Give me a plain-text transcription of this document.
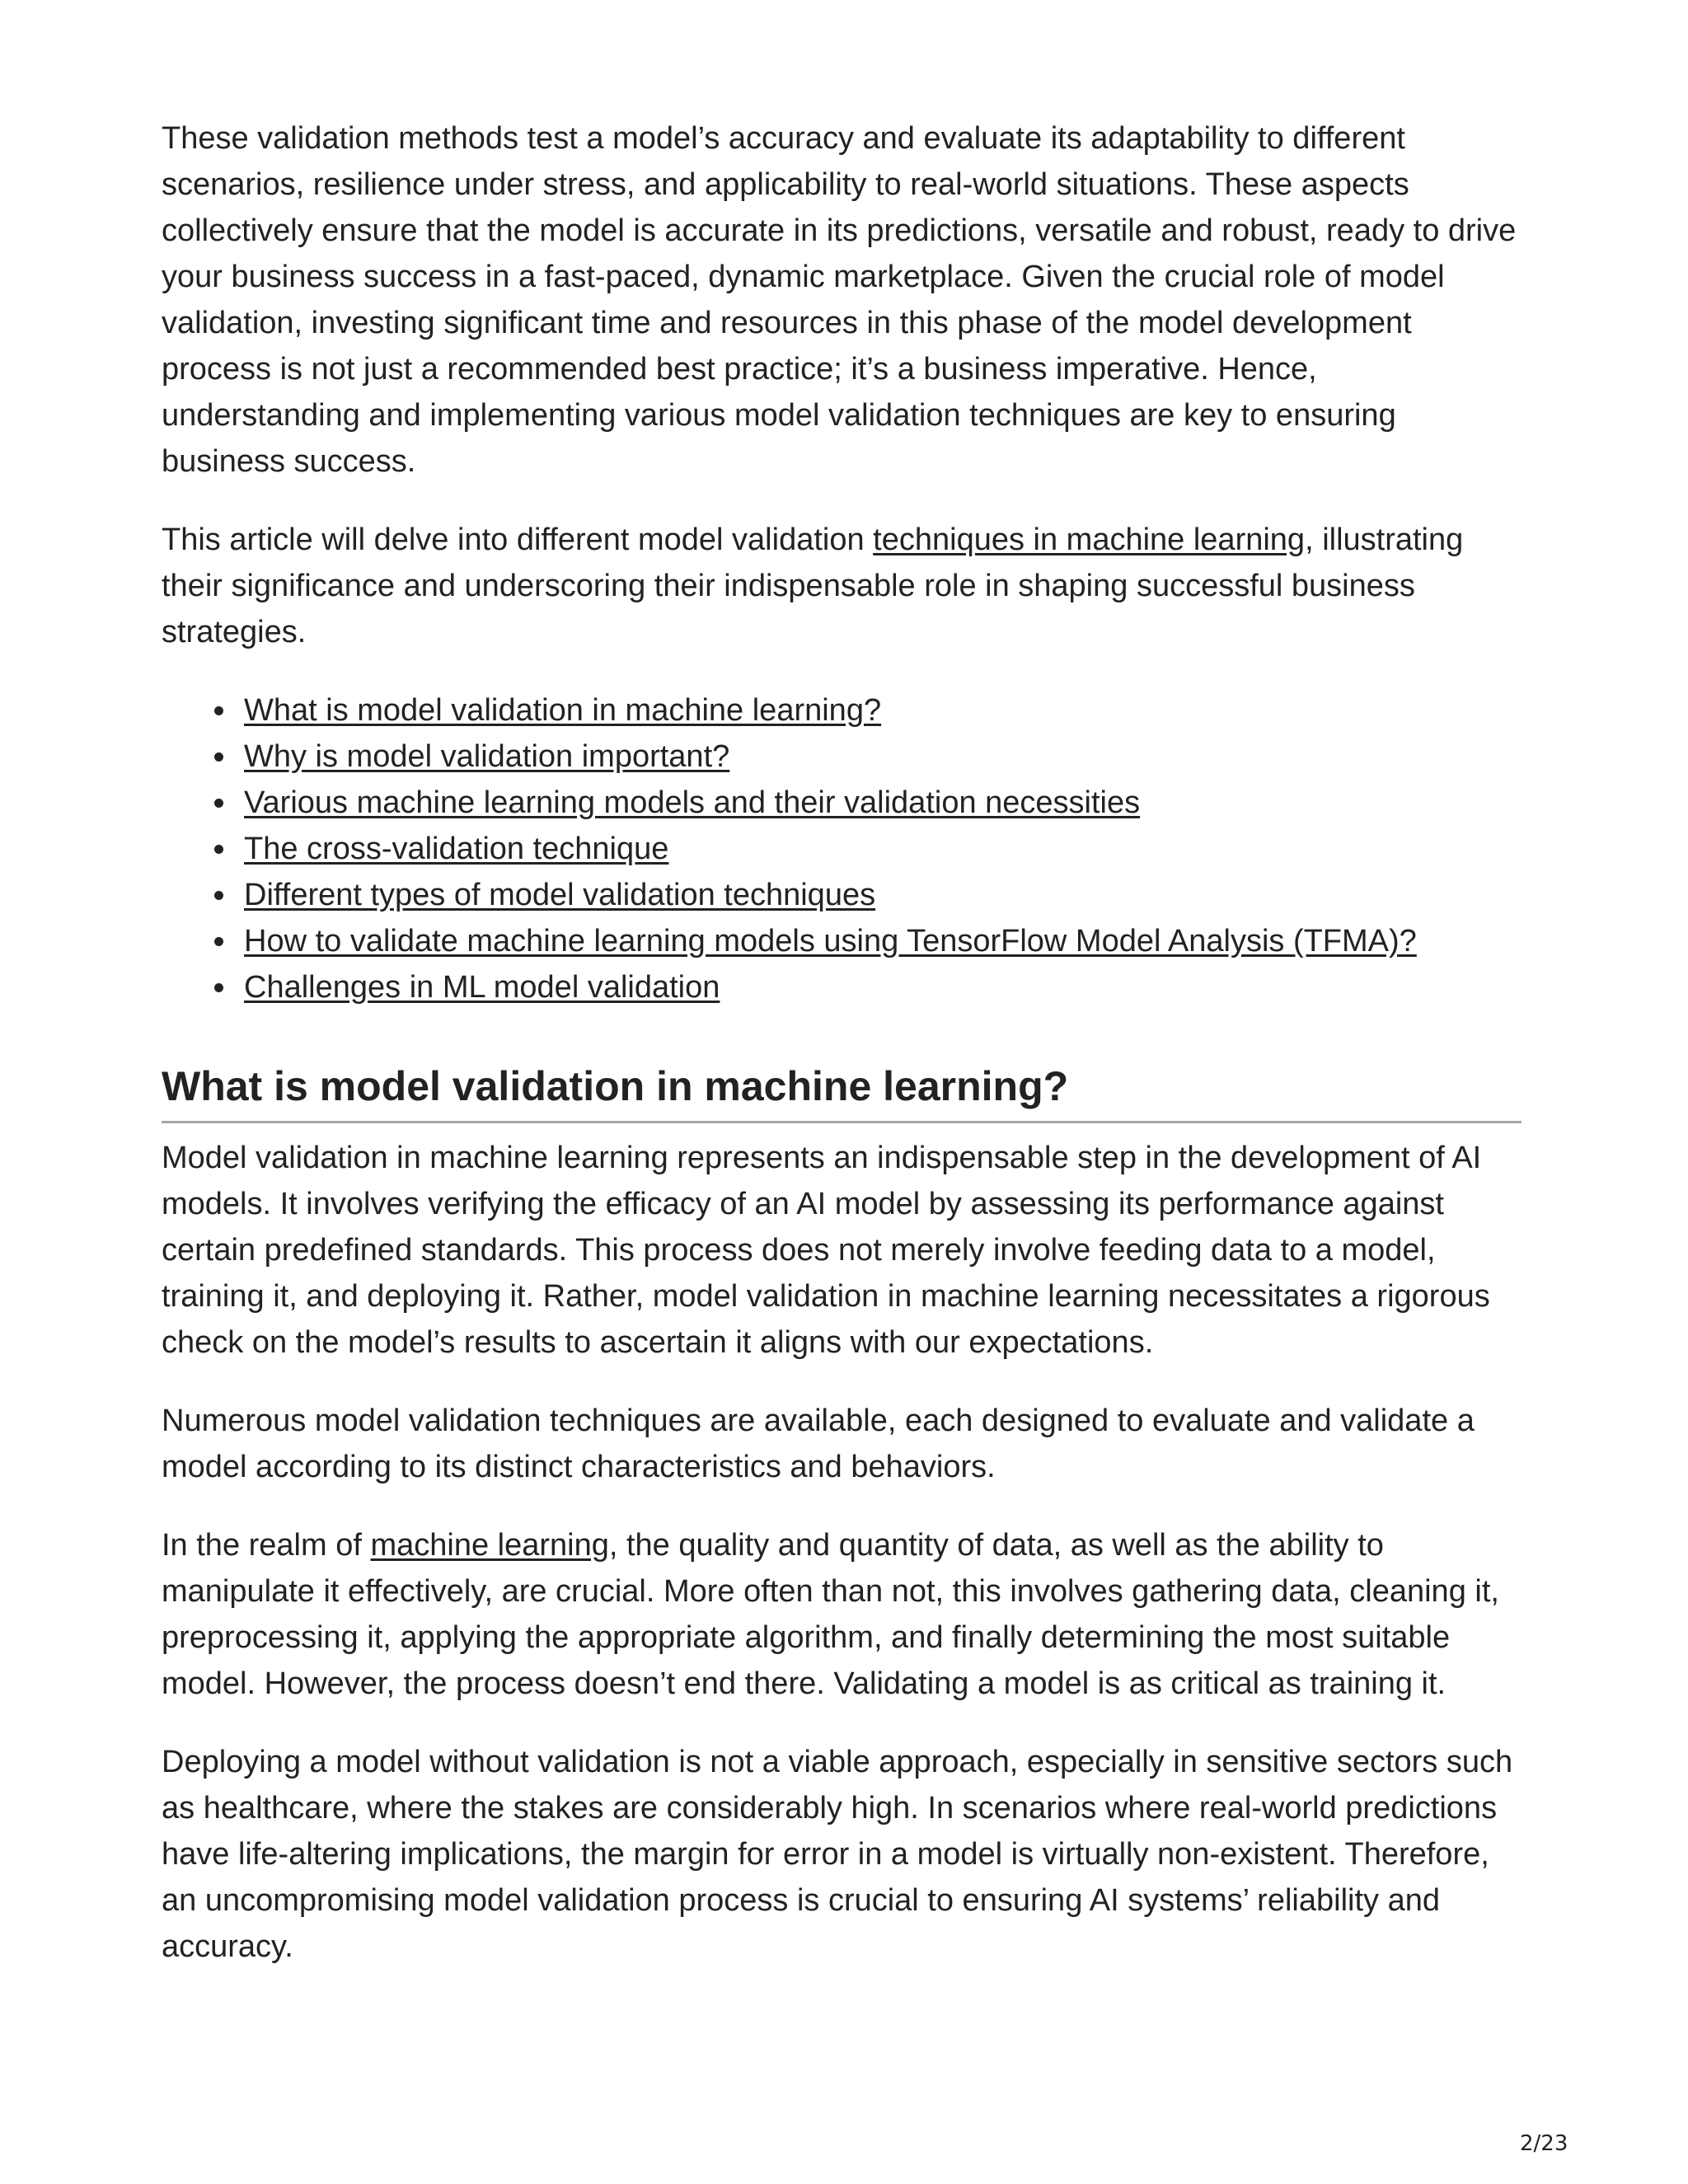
These validation methods test a model’s accuracy and evaluate its adaptability to different scenarios, resilience under stress, and applicability to real-world situations. These aspects collectively ensure that the model is accurate in its predictions, versatile and robust, ready to drive your business success in a fast-paced, dynamic marketplace. Given the crucial role of model validation, investing significant time and resources in this phase of the model development process is not just a recommended best practice; it’s a business imperative. Hence, understanding and implementing various model validation techniques are key to ensuring business success.

This article will delve into different model validation techniques in machine learning, illustrating their significance and underscoring their indispensable role in shaping successful business strategies.

What is model validation in machine learning?
Why is model validation important?
Various machine learning models and their validation necessities
The cross-validation technique
Different types of model validation techniques
How to validate machine learning models using TensorFlow Model Analysis (TFMA)?
Challenges in ML model validation
What is model validation in machine learning?

Model validation in machine learning represents an indispensable step in the development of AI models. It involves verifying the efficacy of an AI model by assessing its performance against certain predefined standards. This process does not merely involve feeding data to a model, training it, and deploying it. Rather, model validation in machine learning necessitates a rigorous check on the model’s results to ascertain it aligns with our expectations.

Numerous model validation techniques are available, each designed to evaluate and validate a model according to its distinct characteristics and behaviors.

In the realm of machine learning, the quality and quantity of data, as well as the ability to manipulate it effectively, are crucial. More often than not, this involves gathering data, cleaning it, preprocessing it, applying the appropriate algorithm, and finally determining the most suitable model. However, the process doesn’t end there. Validating a model is as critical as training it.

Deploying a model without validation is not a viable approach, especially in sensitive sectors such as healthcare, where the stakes are considerably high. In scenarios where real-world predictions have life-altering implications, the margin for error in a model is virtually non-existent. Therefore, an uncompromising model validation process is crucial to ensuring AI systems’ reliability and accuracy.

2/23
